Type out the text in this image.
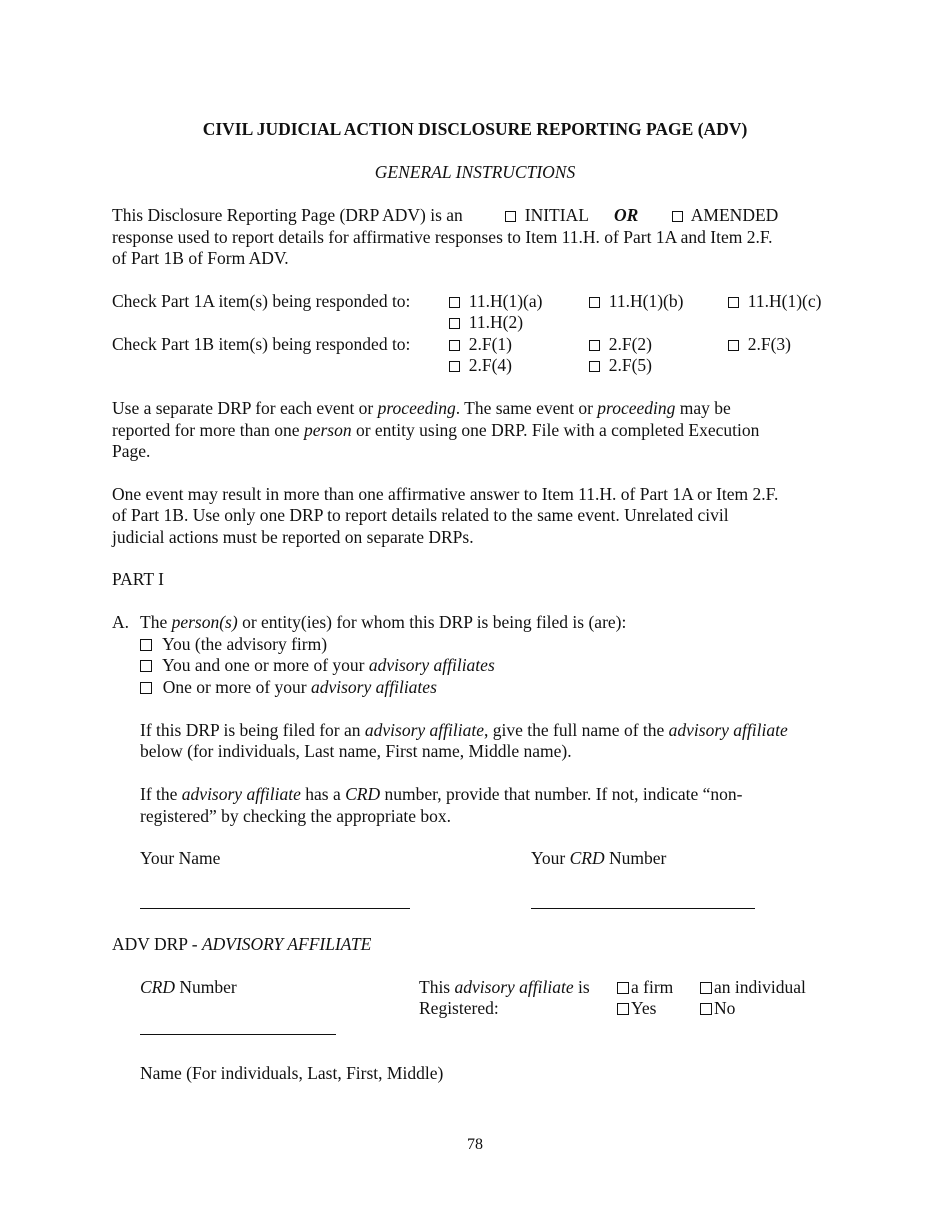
CIVIL JUDICIAL ACTION DISCLOSURE REPORTING PAGE (ADV)
GENERAL INSTRUCTIONS
This Disclosure Reporting Page (DRP ADV) is an	INITIAL OR	AMENDED
response used to report details for affirmative responses to Item 11.H. of Part 1A and Item 2.F.
of Part 1B of Form ADV.
Check Part 1A item(s) being responded to:	11.H(1)(a)	11.H(1)(b)	11.H(1)(c)
11.H(2)
Check Part 1B item(s) being responded to:	2.F(1)	2.F(2)	2.F(3)
2.F(4)	2.F(5)
Use a separate DRP for each event or proceeding. The same event or proceeding may be
reported for more than one person or entity using one DRP. File with a completed Execution
Page.
One event may result in more than one affirmative answer to Item 11.H. of Part 1A or Item 2.F.
of Part 1B. Use only one DRP to report details related to the same event. Unrelated civil
judicial actions must be reported on separate DRPs.
PART I
A. The person(s) or entity(ies) for whom this DRP is being filed is (are):
You (the advisory firm)
You and one or more of your advisory affiliates
One or more of your advisory affiliates
If this DRP is being filed for an advisory affiliate, give the full name of the advisory affiliate
below (for individuals, Last name, First name, Middle name).
If the advisory affiliate has a CRD number, provide that number. If not, indicate “non-
registered” by checking the appropriate box.
Your Name	Your CRD Number
ADV DRP - ADVISORY AFFILIATE
CRD Number	This advisory affiliate is	a firm	an individual
Registered:	Yes	No
Name (For individuals, Last, First, Middle)
78
